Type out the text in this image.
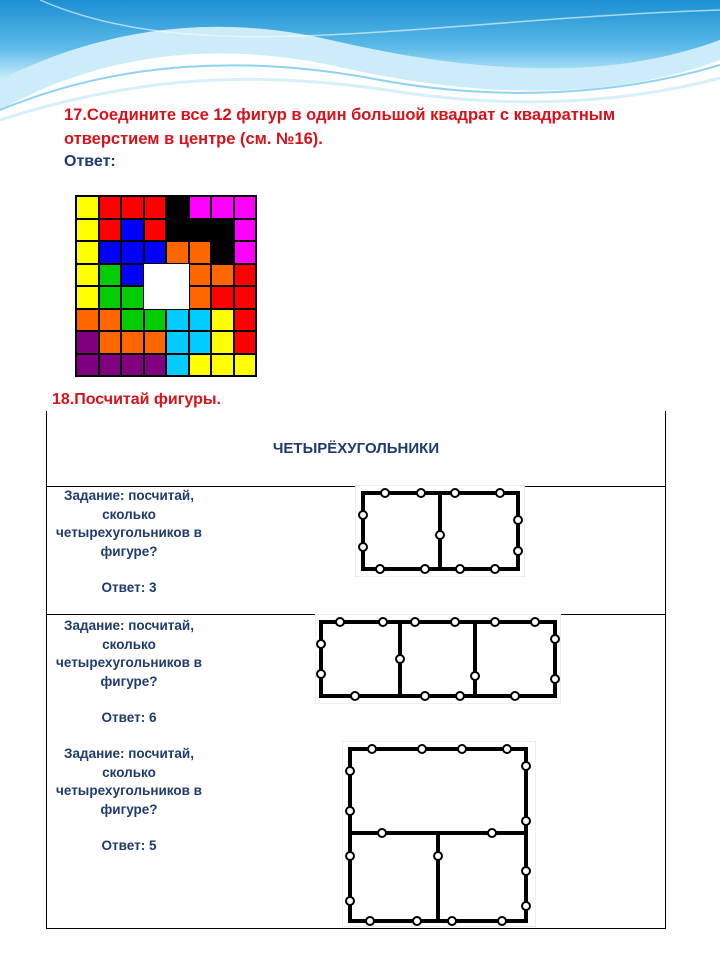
17.Соедините все 12 фигур в один большой квадрат с квадратным отверстием в центре (см. №16).
Ответ:
18.Посчитай фигуры.
ЧЕТЫРЁХУГОЛЬНИКИ
Задание: посчитай, сколько четырехугольников в фигуре?
Ответ: 3
Задание: посчитай, сколько четырехугольников в фигуре?
Ответ: 6
Задание: посчитай, сколько четырехугольников в фигуре?
Ответ: 5
